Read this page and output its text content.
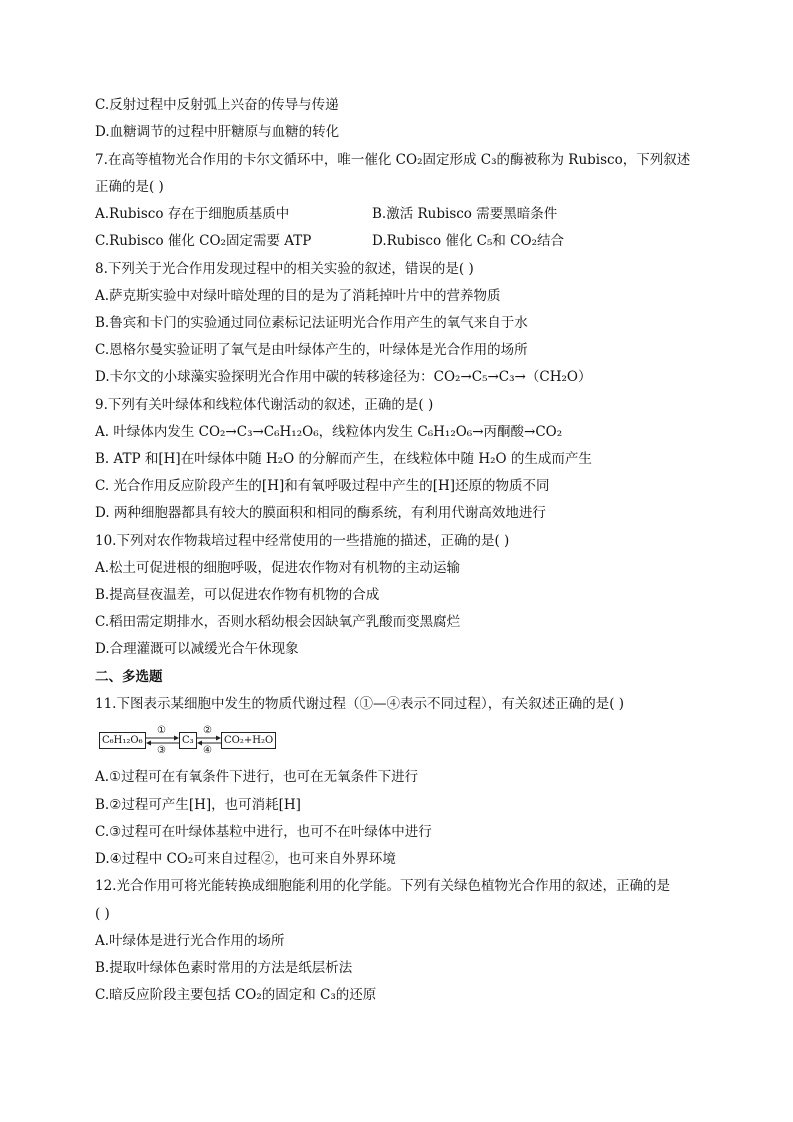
C.反射过程中反射弧上兴奋的传导与传递
D.血糖调节的过程中肝糖原与血糖的转化
7.在高等植物光合作用的卡尔文循环中，唯一催化 CO₂固定形成 C₃的酶被称为 Rubisco，下列叙述
正确的是( )
A.Rubisco 存在于细胞质基质中	B.激活 Rubisco 需要黑暗条件
C.Rubisco 催化 CO₂固定需要 ATP	D.Rubisco 催化 C₅和 CO₂结合
8.下列关于光合作用发现过程中的相关实验的叙述，错误的是( )
A.萨克斯实验中对绿叶暗处理的目的是为了消耗掉叶片中的营养物质
B.鲁宾和卡门的实验通过同位素标记法证明光合作用产生的氧气来自于水
C.恩格尔曼实验证明了氧气是由叶绿体产生的，叶绿体是光合作用的场所
D.卡尔文的小球藻实验探明光合作用中碳的转移途径为：CO₂→C₅→C₃→（CH₂O）
9.下列有关叶绿体和线粒体代谢活动的叙述，正确的是( )
A. 叶绿体内发生 CO₂→C₃→C₆H₁₂O₆，线粒体内发生 C₆H₁₂O₆→丙酮酸→CO₂
B. ATP 和[H]在叶绿体中随 H₂O 的分解而产生，在线粒体中随 H₂O 的生成而产生
C. 光合作用反应阶段产生的[H]和有氧呼吸过程中产生的[H]还原的物质不同
D. 两种细胞器都具有较大的膜面积和相同的酶系统，有利用代谢高效地进行
10.下列对农作物栽培过程中经常使用的一些措施的描述，正确的是( )
A.松土可促进根的细胞呼吸，促进农作物对有机物的主动运输
B.提高昼夜温差，可以促进农作物有机物的合成
C.稻田需定期排水，否则水稻幼根会因缺氧产乳酸而变黑腐烂
D.合理灌溉可以减缓光合午休现象
二、多选题
11.下图表示某细胞中发生的物质代谢过程（①—④表示不同过程），有关叙述正确的是( )
C₆H₁₂O₆	C₃	CO₂+H₂O
①
③
②
④
A.①过程可在有氧条件下进行，也可在无氧条件下进行
B.②过程可产生[H]，也可消耗[H]
C.③过程可在叶绿体基粒中进行，也可不在叶绿体中进行
D.④过程中 CO₂可来自过程②，也可来自外界环境
12.光合作用可将光能转换成细胞能利用的化学能。下列有关绿色植物光合作用的叙述，正确的是
( )
A.叶绿体是进行光合作用的场所
B.提取叶绿体色素时常用的方法是纸层析法
C.暗反应阶段主要包括 CO₂的固定和 C₃的还原
